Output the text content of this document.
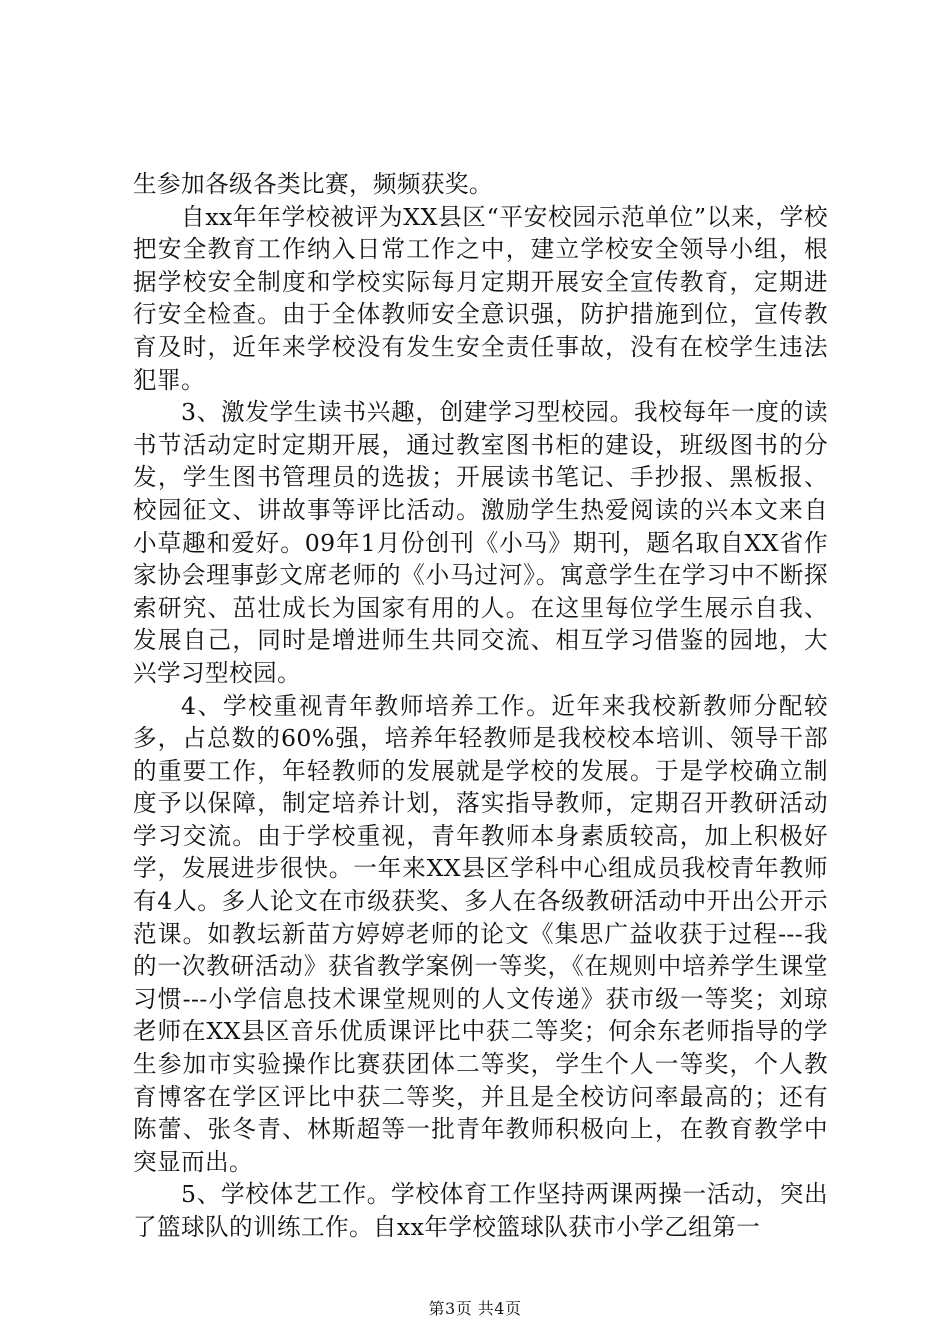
生参加各级各类比赛，频频获奖。

自xx年年学校被评为XX县区“平安校园示范单位”以来，学校把安全教育工作纳入日常工作之中，建立学校安全领导小组，根据学校安全制度和学校实际每月定期开展安全宣传教育，定期进行安全检查。由于全体教师安全意识强，防护措施到位，宣传教育及时，近年来学校没有发生安全责任事故，没有在校学生违法犯罪。

3、激发学生读书兴趣，创建学习型校园。我校每年一度的读书节活动定时定期开展，通过教室图书柜的建设，班级图书的分发，学生图书管理员的选拔；开展读书笔记、手抄报、黑板报、校园征文、讲故事等评比活动。激励学生热爱阅读的兴本文来自小草趣和爱好。09年1月份创刊《小马》期刊，题名取自XX省作家协会理事彭文席老师的《小马过河》。寓意学生在学习中不断探索研究、茁壮成长为国家有用的人。在这里每位学生展示自我、发展自己，同时是增进师生共同交流、相互学习借鉴的园地，大兴学习型校园。

4、学校重视青年教师培养工作。近年来我校新教师分配较多，占总数的60%强，培养年轻教师是我校校本培训、领导干部的重要工作，年轻教师的发展就是学校的发展。于是学校确立制度予以保障，制定培养计划，落实指导教师，定期召开教研活动学习交流。由于学校重视，青年教师本身素质较高，加上积极好学，发展进步很快。一年来XX县区学科中心组成员我校青年教师有4人。多人论文在市级获奖、多人在各级教研活动中开出公开示范课。如教坛新苗方婷婷老师的论文《集思广益收获于过程---我的一次教研活动》获省教学案例一等奖，《在规则中培养学生课堂习惯---小学信息技术课堂规则的人文传递》获市级一等奖；刘琼老师在XX县区音乐优质课评比中获二等奖；何余东老师指导的学生参加市实验操作比赛获团体二等奖，学生个人一等奖，个人教育博客在学区评比中获二等奖，并且是全校访问率最高的；还有陈蕾、张冬青、林斯超等一批青年教师积极向上，在教育教学中突显而出。

5、学校体艺工作。学校体育工作坚持两课两操一活动，突出了篮球队的训练工作。自xx年学校篮球队获市小学乙组第一

第3页 共4页
